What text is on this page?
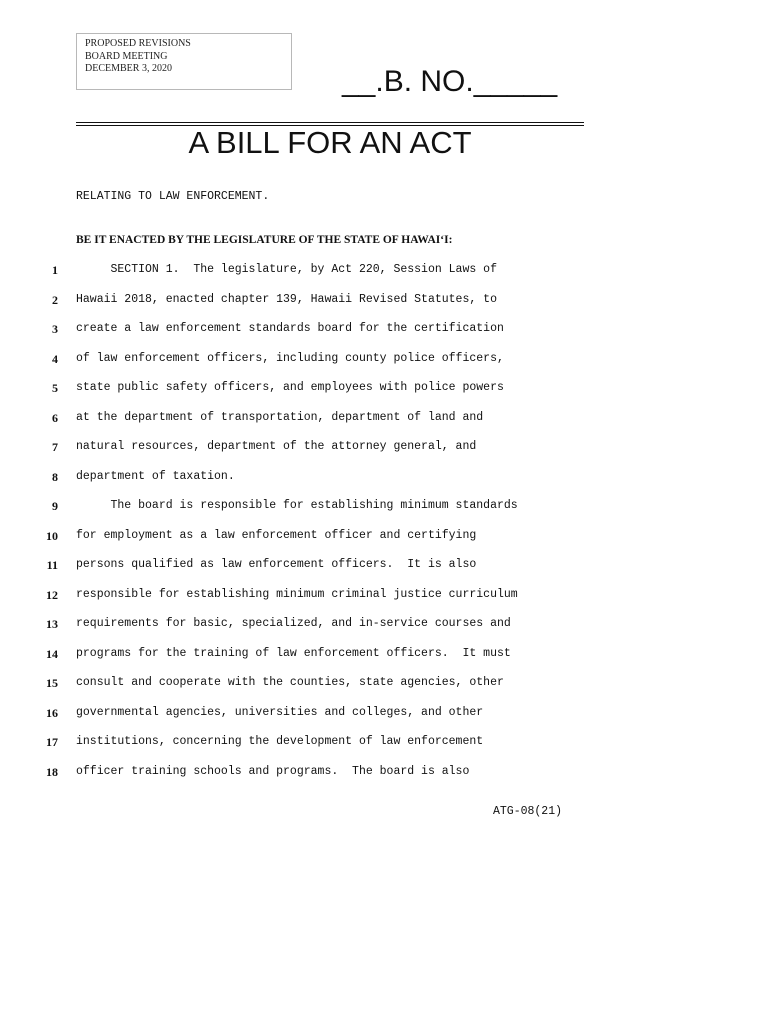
PROPOSED REVISIONS
BOARD MEETING
DECEMBER 3, 2020	__.B. NO._____
A BILL FOR AN ACT
RELATING TO LAW ENFORCEMENT.
BE IT ENACTED BY THE LEGISLATURE OF THE STATE OF HAWAI‘I:
1 SECTION 1.  The legislature, by Act 220, Session Laws of
2 Hawaii 2018, enacted chapter 139, Hawaii Revised Statutes, to
3 create a law enforcement standards board for the certification
4 of law enforcement officers, including county police officers,
5 state public safety officers, and employees with police powers
6 at the department of transportation, department of land and
7 natural resources, department of the attorney general, and
8 department of taxation.
9 The board is responsible for establishing minimum standards
10 for employment as a law enforcement officer and certifying
11 persons qualified as law enforcement officers.  It is also
12 responsible for establishing minimum criminal justice curriculum
13 requirements for basic, specialized, and in-service courses and
14 programs for the training of law enforcement officers.  It must
15 consult and cooperate with the counties, state agencies, other
16 governmental agencies, universities and colleges, and other
17 institutions, concerning the development of law enforcement
18 officer training schools and programs.  The board is also
ATG-08(21)
